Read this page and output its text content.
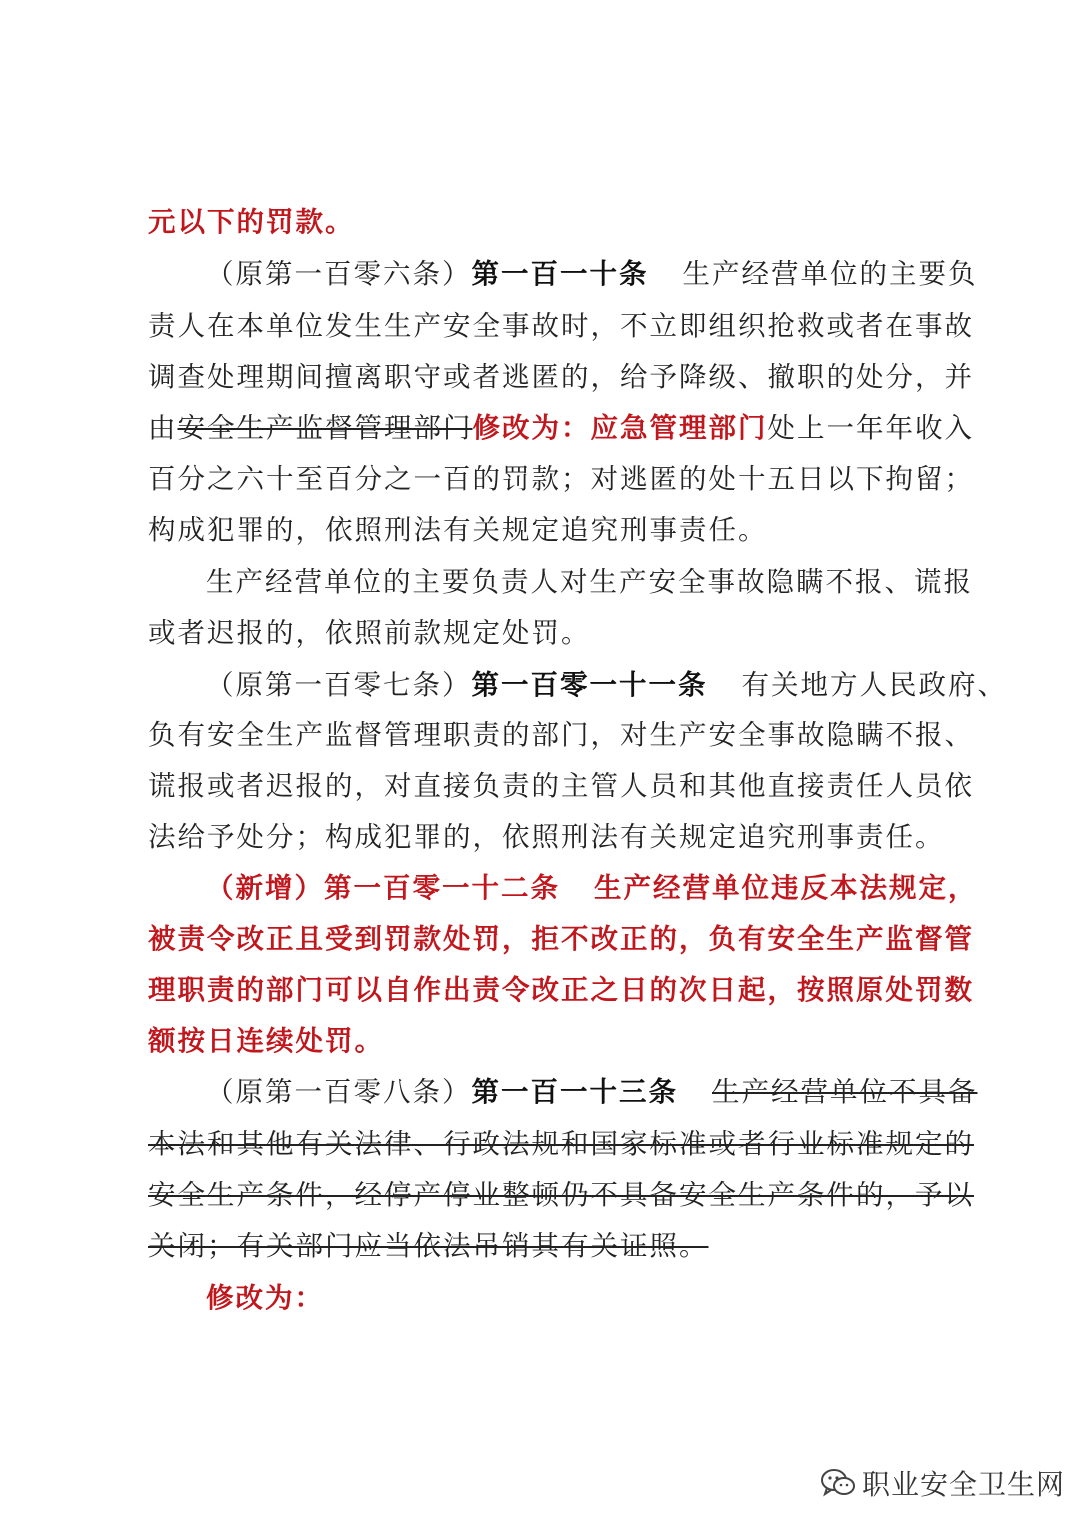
元以下的罚款。
（原第一百零六条）第一百一十条 生产经营单位的主要负
责人在本单位发生生产安全事故时，不立即组织抢救或者在事故
调查处理期间擅离职守或者逃匿的，给予降级、撤职的处分，并
由安全生产监督管理部门修改为：应急管理部门处上一年年收入
百分之六十至百分之一百的罚款；对逃匿的处十五日以下拘留；
构成犯罪的，依照刑法有关规定追究刑事责任。
生产经营单位的主要负责人对生产安全事故隐瞒不报、谎报
或者迟报的，依照前款规定处罚。
（原第一百零七条）第一百零一十一条 有关地方人民政府、
负有安全生产监督管理职责的部门，对生产安全事故隐瞒不报、
谎报或者迟报的，对直接负责的主管人员和其他直接责任人员依
法给予处分；构成犯罪的，依照刑法有关规定追究刑事责任。
（新增）第一百零一十二条 生产经营单位违反本法规定，
被责令改正且受到罚款处罚，拒不改正的，负有安全生产监督管
理职责的部门可以自作出责令改正之日的次日起，按照原处罚数
额按日连续处罚。
（原第一百零八条）第一百一十三条 生产经营单位不具备
本法和其他有关法律、行政法规和国家标准或者行业标准规定的
安全生产条件，经停产停业整顿仍不具备安全生产条件的，予以
关闭；有关部门应当依法吊销其有关证照。
修改为：
职业安全卫生网
